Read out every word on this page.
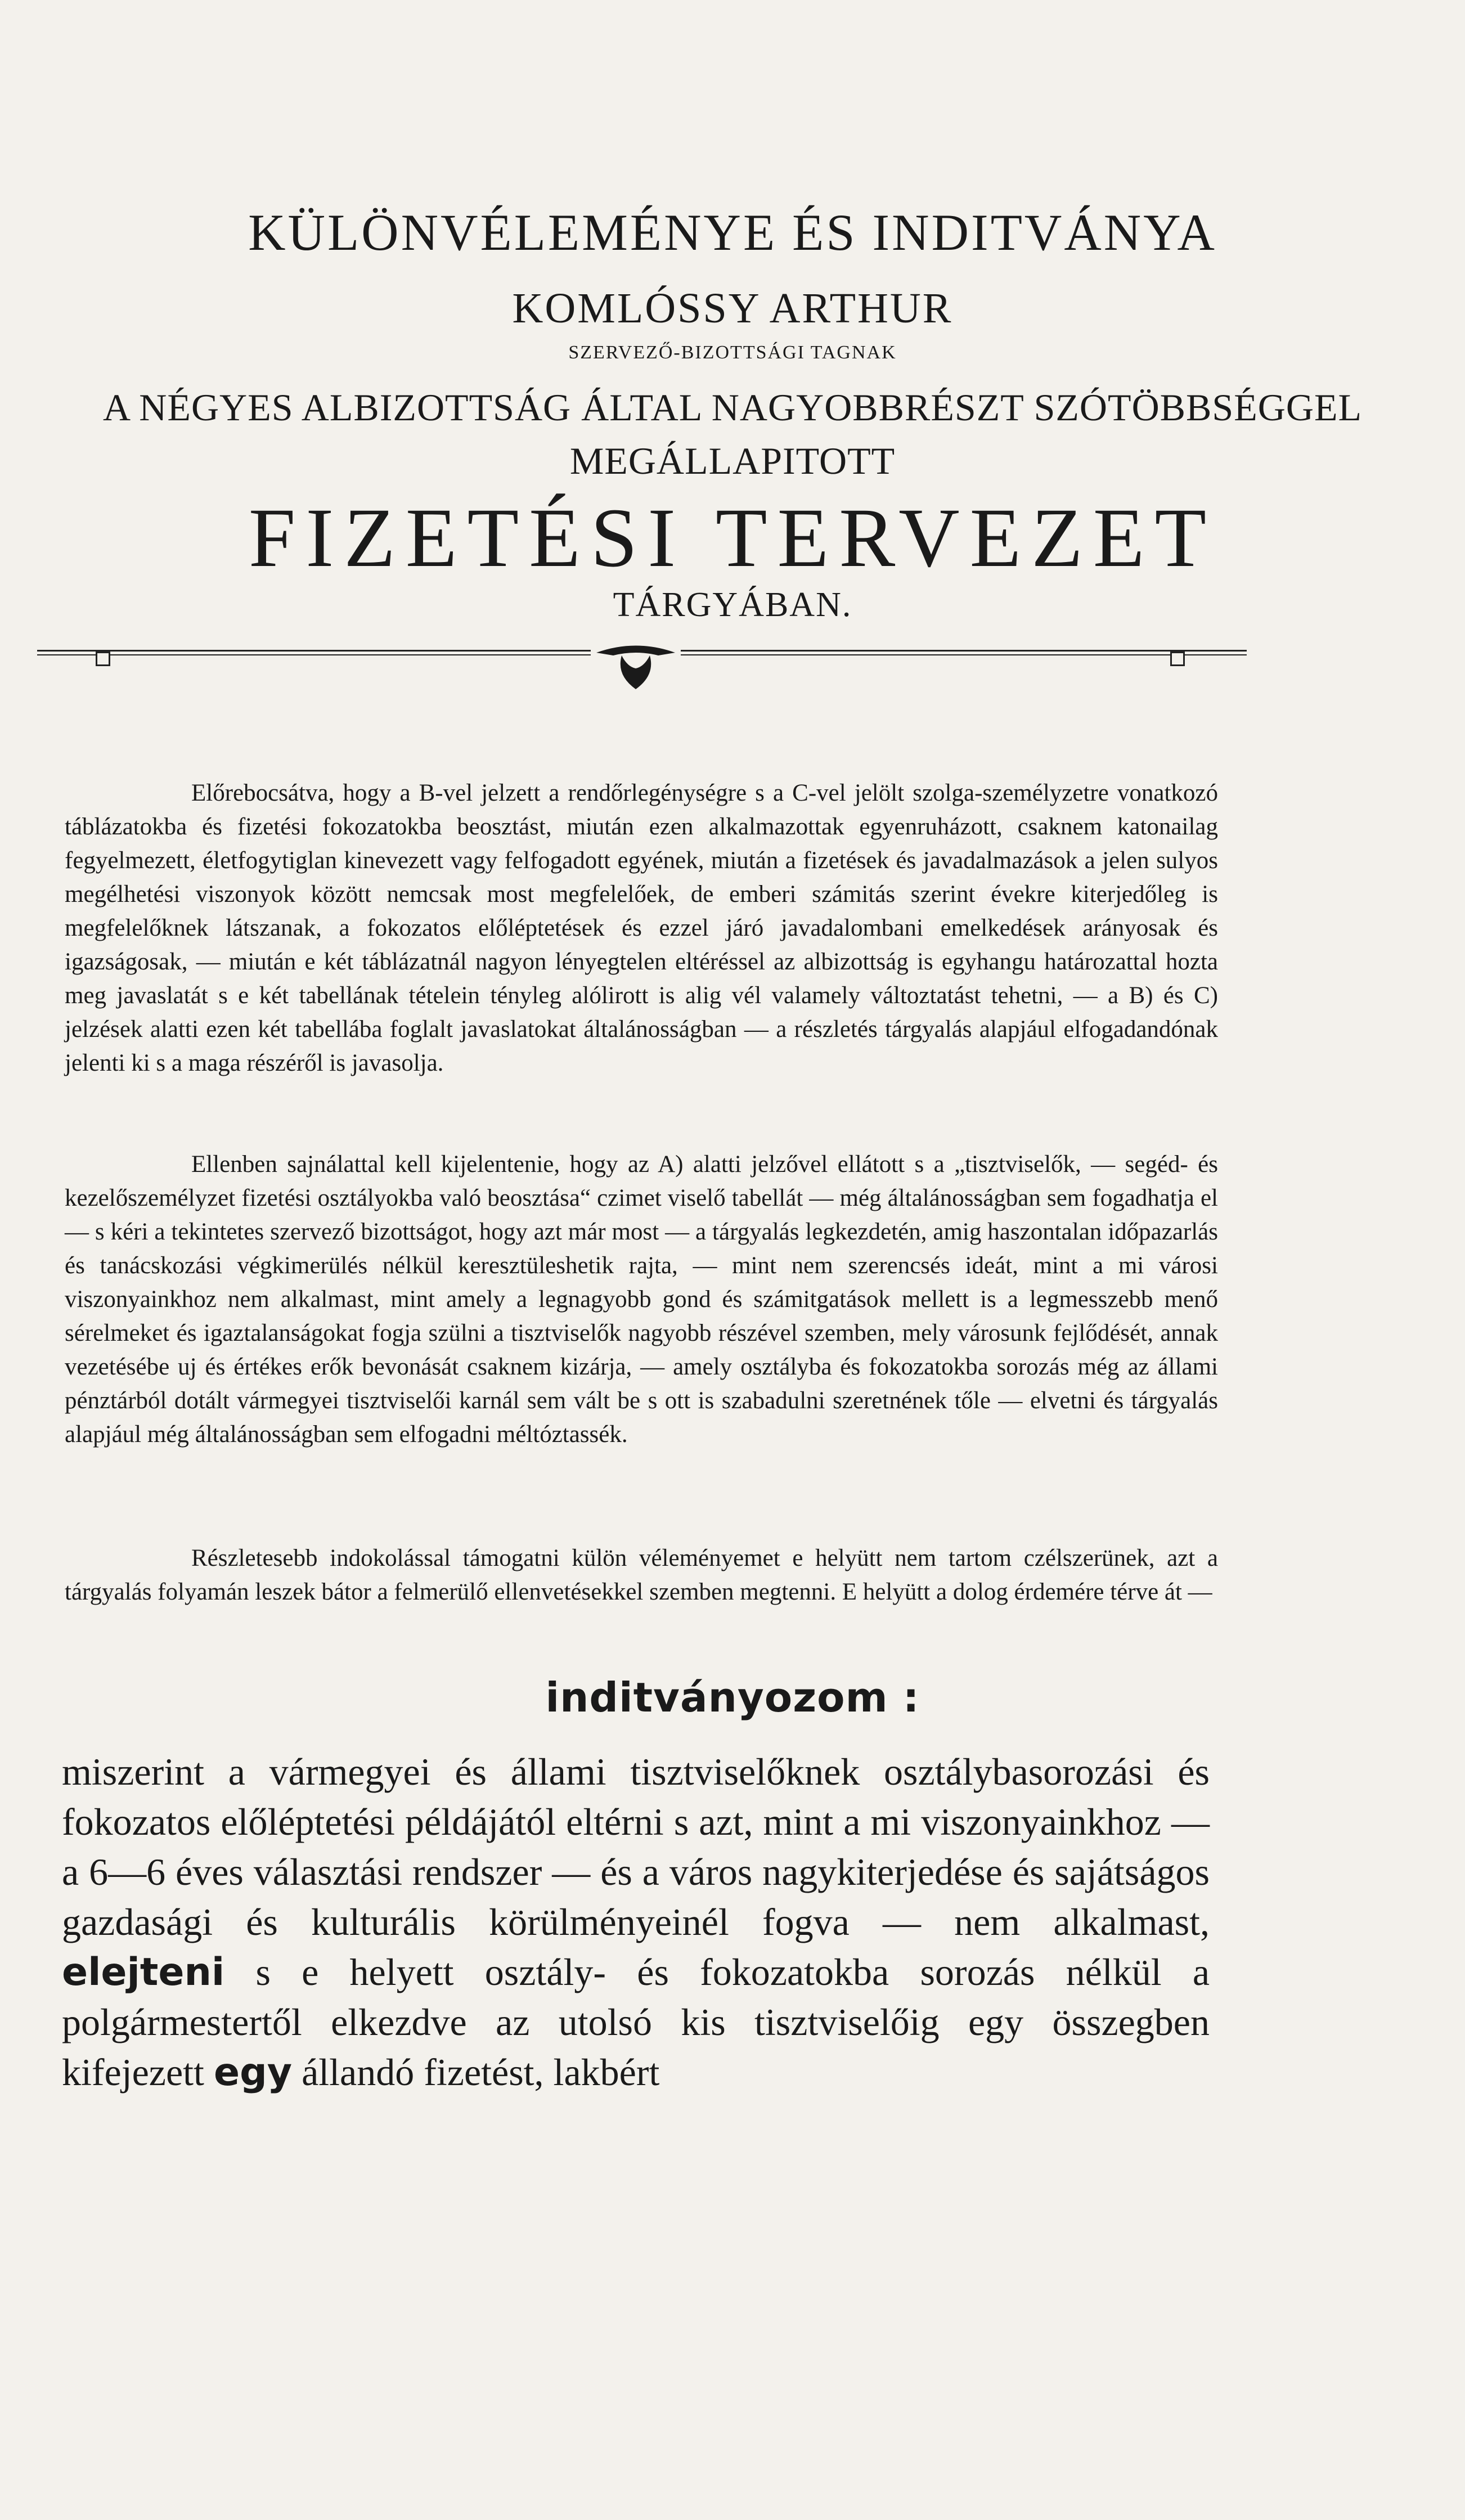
KÜLÖNVÉLEMÉNYE ÉS INDITVÁNYA
KOMLÓSSY ARTHUR
SZERVEZŐ-BIZOTTSÁGI TAGNAK
A NÉGYES ALBIZOTTSÁG ÁLTAL NAGYOBBRÉSZT SZÓTÖBBSÉGGEL
MEGÁLLAPITOTT
FIZETÉSI TERVEZET
TÁRGYÁBAN.
Előrebocsátva, hogy a B-vel jelzett a rendőrlegénységre s a C-vel jelölt szolga-személyzetre vonatkozó táblázatokba és fizetési fokozatokba beosztást, miután ezen alkalmazottak egyenruházott, csaknem katonailag fegyelmezett, életfogytiglan kinevezett vagy felfogadott egyének, miután a fizetések és javadalmazások a jelen sulyos megélhetési viszonyok között nemcsak most megfelelőek, de emberi számitás szerint évekre kiterjedőleg is megfelelőknek látszanak, a fokozatos előléptetések és ezzel járó javadalombani emelkedések arányosak és igazságosak, — miután e két táblázatnál nagyon lényegtelen eltéréssel az albizottság is egyhangu határozattal hozta meg javaslatát s e két tabellának tételein tényleg alólirott is alig vél valamely változtatást tehetni, — a B) és C) jelzések alatti ezen két tabellába foglalt javaslatokat általánosságban — a részletés tárgyalás alapjául elfogadandónak jelenti ki s a maga részéről is javasolja.
Ellenben sajnálattal kell kijelentenie, hogy az A) alatti jelzővel ellátott s a „tisztviselők, — segéd- és kezelőszemélyzet fizetési osztályokba való beosztása“ czimet viselő tabellát — még általánosságban sem fogadhatja el — s kéri a tekintetes szervező bizottságot, hogy azt már most — a tárgyalás legkezdetén, amig haszontalan időpazarlás és tanácskozási végkimerülés nélkül keresztüleshetik rajta, — mint nem szerencsés ideát, mint a mi városi viszonyainkhoz nem alkalmast, mint amely a legnagyobb gond és számitgatások mellett is a legmesszebb menő sérelmeket és igaztalanságokat fogja szülni a tisztviselők nagyobb részével szemben, mely városunk fejlődését, annak vezetésébe uj és értékes erők bevonását csaknem kizárja, — amely osztályba és fokozatokba sorozás még az állami pénztárból dotált vármegyei tisztviselői karnál sem vált be s ott is szabadulni szeretnének tőle — elvetni és tárgyalás alapjául még általánosságban sem elfogadni méltóztassék.
Részletesebb indokolással támogatni külön véleményemet e helyütt nem tartom czélszerünek, azt a tárgyalás folyamán leszek bátor a felmerülő ellenvetésekkel szemben megtenni. E helyütt a dolog érdemére térve át —
inditványozom :
miszerint a vármegyei és állami tisztviselőknek osztálybasorozási és fokozatos előléptetési példájától eltérni s azt, mint a mi viszonyainkhoz — a 6—6 éves választási rendszer — és a város nagykiterjedése és sajátságos gazdasági és kulturális körülményeinél fogva — nem alkalmast, elejteni s e helyett osztály- és fokozatokba sorozás nélkül a polgármestertől elkezdve az utolsó kis tisztviselőig egy összegben kifejezett egy állandó fizetést, lakbért
